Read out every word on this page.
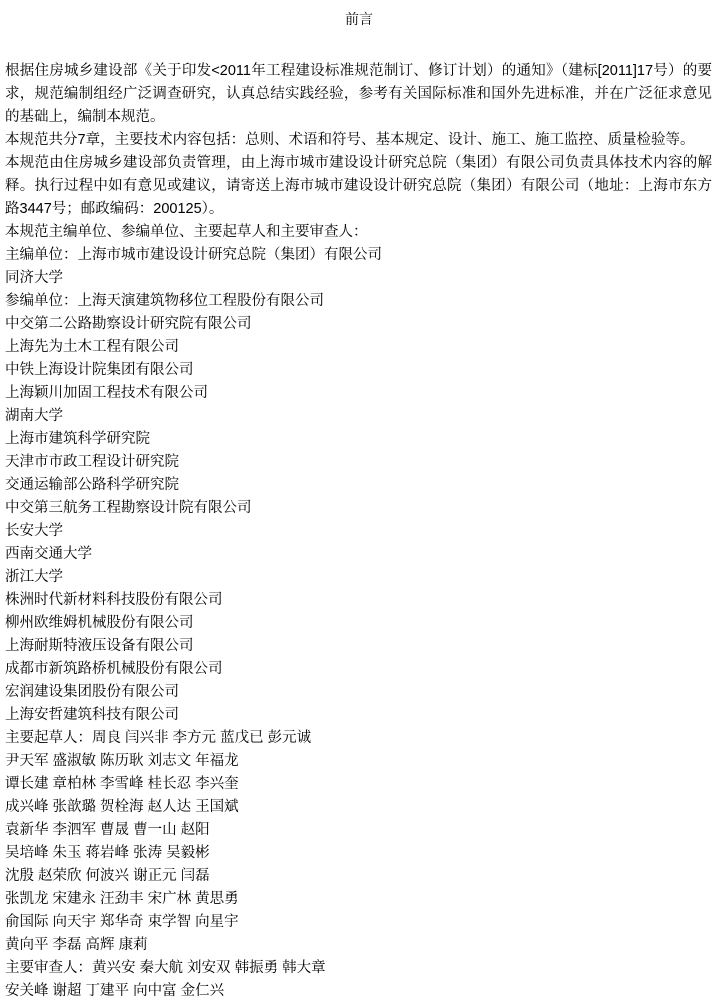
前言

根据住房城乡建设部《关于印发<2011年工程建设标准规范制订、修订计划）的通知》（建标[2011]17号）的要求，规范编制组经广泛调查研究，认真总结实践经验，参考有关国际标准和国外先进标准，并在广泛征求意见的基础上，编制本规范。

本规范共分7章，主要技术内容包括：总则、术语和符号、基本规定、设计、施工、施工监控、质量检验等。

本规范由住房城乡建设部负责管理，由上海市城市建设设计研究总院（集团）有限公司负责具体技术内容的解释。执行过程中如有意见或建议，请寄送上海市城市建设设计研究总院（集团）有限公司（地址：上海市东方路3447号；邮政编码：200125）。

本规范主编单位、参编单位、主要起草人和主要审查人：

主编单位：上海市城市建设设计研究总院（集团）有限公司

同济大学

参编单位：上海天演建筑物移位工程股份有限公司

中交第二公路勘察设计研究院有限公司

上海先为土木工程有限公司

中铁上海设计院集团有限公司

上海颖川加固工程技术有限公司

湖南大学

上海市建筑科学研究院

天津市市政工程设计研究院

交通运输部公路科学研究院

中交第三航务工程勘察设计院有限公司

长安大学

西南交通大学

浙江大学

株洲时代新材料科技股份有限公司

柳州欧维姆机械股份有限公司

上海耐斯特液压设备有限公司

成都市新筑路桥机械股份有限公司

宏润建设集团股份有限公司

上海安哲建筑科技有限公司

主要起草人：周良 闫兴非 李方元 蓝戊已 彭元诚

尹天军 盛淑敏 陈历耿 刘志文 年福龙

谭长建 章柏林 李雪峰 桂长忍 李兴奎

成兴峰 张歆璐 贺栓海 赵人达 王国斌

袁新华 李泗军 曹晟 曹一山 赵阳

吴培峰 朱玉 蒋岩峰 张涛 吴毅彬

沈殷 赵荣欣 何波兴 谢正元 闫磊

张凯龙 宋建永 汪劲丰 宋广林 黄思勇

俞国际 向天宇 郑华奇 束学智 向星宇

黄向平 李磊 高辉 康莉

主要审查人：黄兴安 秦大航 刘安双 韩振勇 韩大章

安关峰 谢超 丁建平 向中富 金仁兴
